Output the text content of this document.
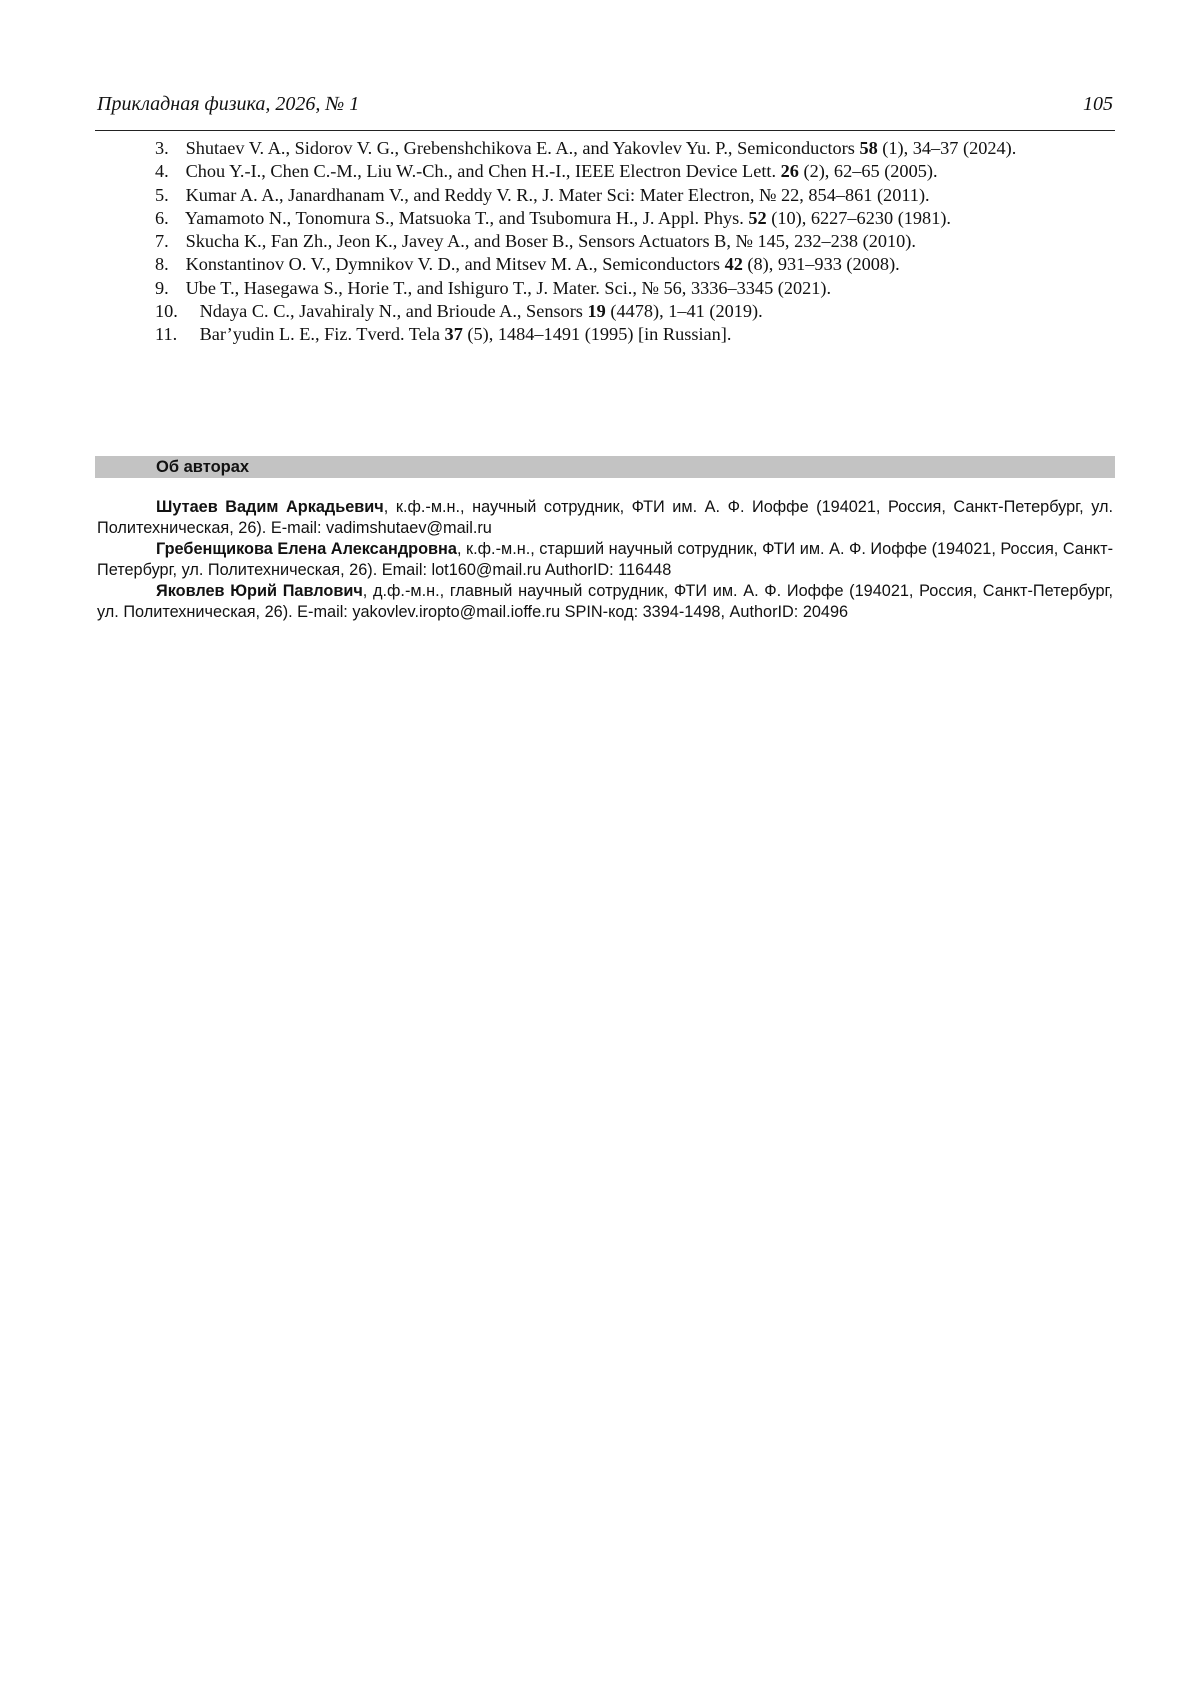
Прикладная физика, 2026, № 1	105
3. Shutaev V. A., Sidorov V. G., Grebenshchikova E. A., and Yakovlev Yu. P., Semiconductors 58 (1), 34–37 (2024).
4. Chou Y.-I., Chen C.-M., Liu W.-Ch., and Chen H.-I., IEEE Electron Device Lett. 26 (2), 62–65 (2005).
5. Kumar A. A., Janardhanam V., and Reddy V. R., J. Mater Sci: Mater Electron, № 22, 854–861 (2011).
6. Yamamoto N., Tonomura S., Matsuoka T., and Tsubomura H., J. Appl. Phys. 52 (10), 6227–6230 (1981).
7. Skucha K., Fan Zh., Jeon K., Javey A., and Boser B., Sensors Actuators B, № 145, 232–238 (2010).
8. Konstantinov O. V., Dymnikov V. D., and Mitsev M. A., Semiconductors 42 (8), 931–933 (2008).
9. Ube T., Hasegawa S., Horie T., and Ishiguro T., J. Mater. Sci., № 56, 3336–3345 (2021).
10. Ndaya C. C., Javahiraly N., and Brioude A., Sensors 19 (4478), 1–41 (2019).
11. Bar’yudin L. E., Fiz. Tverd. Tela 37 (5), 1484–1491 (1995) [in Russian].
Об авторах

Шутаев Вадим Аркадьевич, к.ф.-м.н., научный сотрудник, ФТИ им. А. Ф. Иоффе (194021, Россия, Санкт-Петербург, ул. Политехническая, 26). E-mail: vadimshutaev@mail.ru

Гребенщикова Елена Александровна, к.ф.-м.н., старший научный сотрудник, ФТИ им. А. Ф. Иоффе (194021, Россия, Санкт-Петербург, ул. Политехническая, 26). Email: lot160@mail.ru AuthorID: 116448

Яковлев Юрий Павлович, д.ф.-м.н., главный научный сотрудник, ФТИ им. А. Ф. Иоффе (194021, Россия, Санкт-Петербург, ул. Политехническая, 26). E-mail: yakovlev.iropto@mail.ioffe.ru SPIN-код: 3394-1498, AuthorID: 20496
